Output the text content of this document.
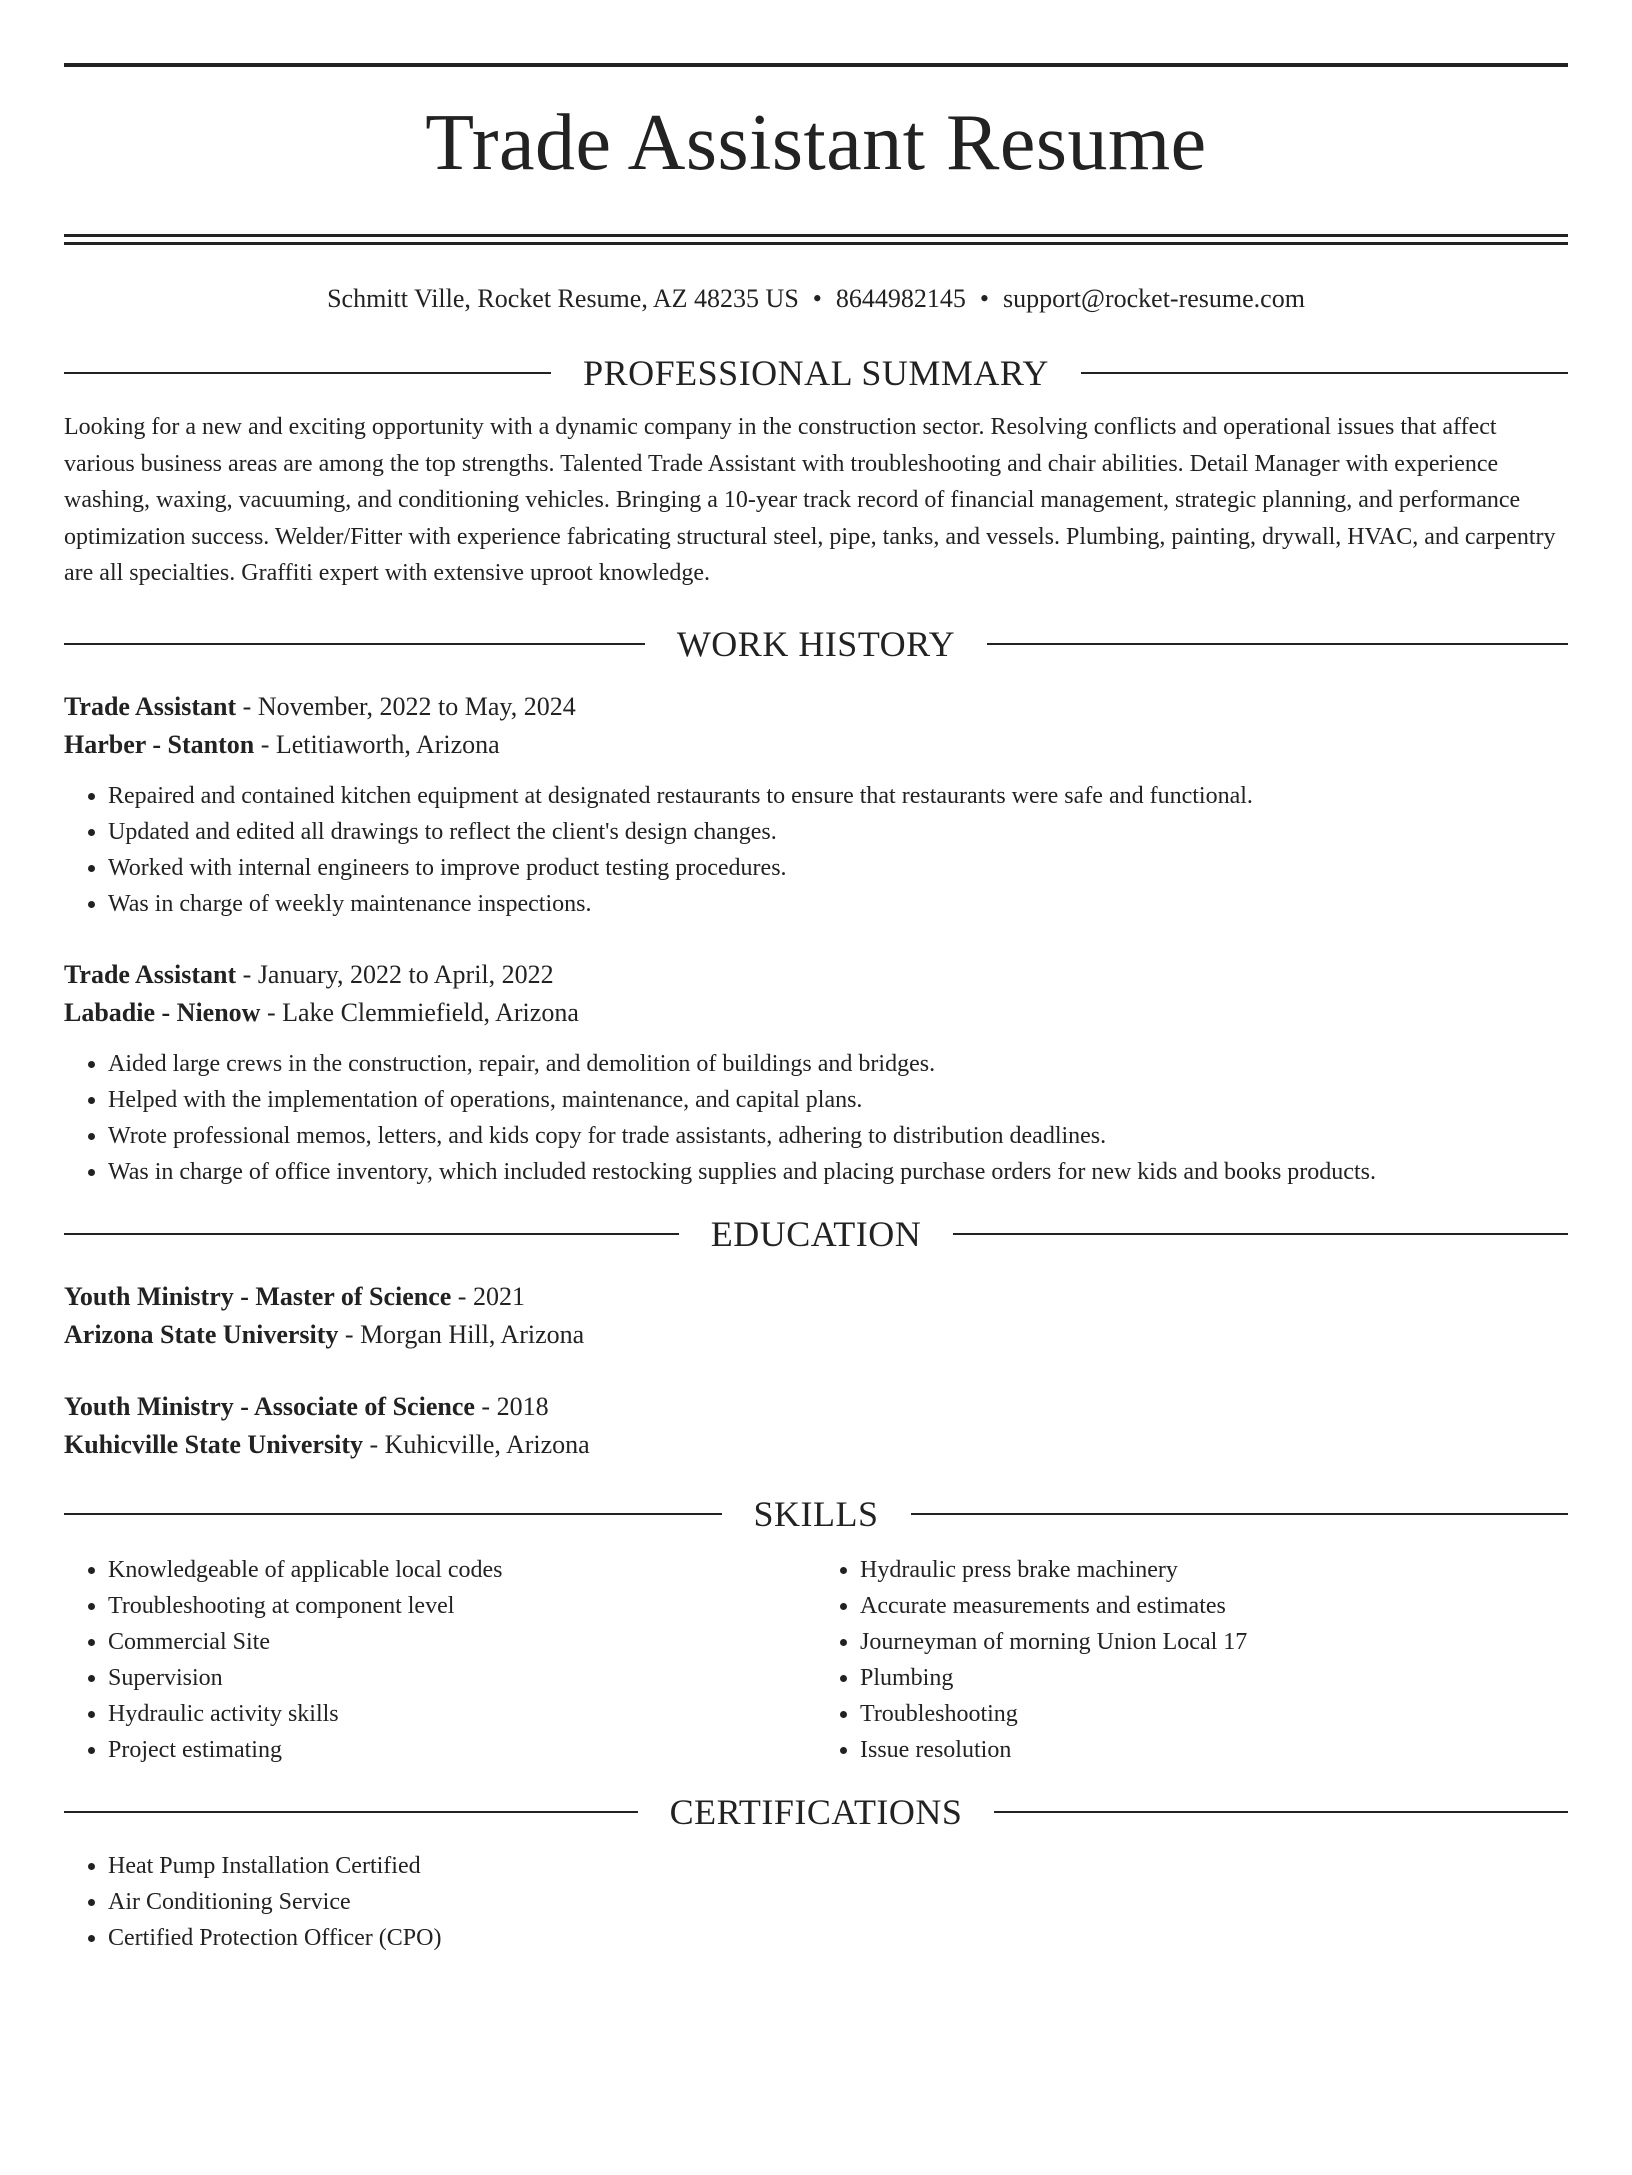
Trade Assistant Resume
Schmitt Ville, Rocket Resume, AZ 48235 US • 8644982145 • support@rocket-resume.com
PROFESSIONAL SUMMARY

Looking for a new and exciting opportunity with a dynamic company in the construction sector. Resolving conflicts and operational issues that affect various business areas are among the top strengths. Talented Trade Assistant with troubleshooting and chair abilities. Detail Manager with experience washing, waxing, vacuuming, and conditioning vehicles. Bringing a 10-year track record of financial management, strategic planning, and performance optimization success. Welder/Fitter with experience fabricating structural steel, pipe, tanks, and vessels. Plumbing, painting, drywall, HVAC, and carpentry are all specialties. Graffiti expert with extensive uproot knowledge.

WORK HISTORY
Trade Assistant - November, 2022 to May, 2024
Harber - Stanton - Letitiaworth, Arizona
• Repaired and contained kitchen equipment at designated restaurants to ensure that restaurants were safe and functional.
• Updated and edited all drawings to reflect the client's design changes.
• Worked with internal engineers to improve product testing procedures.
• Was in charge of weekly maintenance inspections.
Trade Assistant - January, 2022 to April, 2022
Labadie - Nienow - Lake Clemmiefield, Arizona
• Aided large crews in the construction, repair, and demolition of buildings and bridges.
• Helped with the implementation of operations, maintenance, and capital plans.
• Wrote professional memos, letters, and kids copy for trade assistants, adhering to distribution deadlines.
• Was in charge of office inventory, which included restocking supplies and placing purchase orders for new kids and books products.
EDUCATION
Youth Ministry - Master of Science - 2021
Arizona State University - Morgan Hill, Arizona
Youth Ministry - Associate of Science - 2018
Kuhicville State University - Kuhicville, Arizona
SKILLS
• Knowledgeable of applicable local codes
• Troubleshooting at component level
• Commercial Site
• Supervision
• Hydraulic activity skills
• Project estimating
• Hydraulic press brake machinery
• Accurate measurements and estimates
• Journeyman of morning Union Local 17
• Plumbing
• Troubleshooting
• Issue resolution
CERTIFICATIONS
• Heat Pump Installation Certified
• Air Conditioning Service
• Certified Protection Officer (CPO)
